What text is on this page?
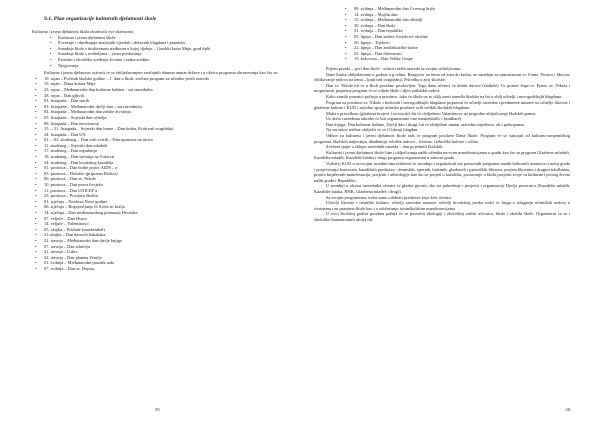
9.1. Plan organizacije kulturnih djelatnosti škole

Kulturna i javna djelatnost škola obuhvaća ove aktivnosti:

• Kulturnu i javnu djelatnost škole
• Povezuje i objedinjuje značajnih vjerskih i državnih blagdana i praznika
• Suradnja škole s društvenom sredinom u kojoj djeluje – Gradski kotar Maje, grad Split
• Suradnja škole s roditeljima – javna predavanja
• Estetsko i ekološko uređenje životne i radne sredine
• Njegovanja

Kulturna i javna djelatnost ostvarit će se obilježavanjem značajnih datuma unutar države i u okviru programa obrazovanja kao što su:

• 10. rujan – Početak školske godine – 1. dan u školi, svečani program za učenike prvih razreda
• 15. rujan – Dana kotara Maje
• 23. rujna – Međunarodni dan kulturne baštine - sat razrednika
• 28. rujna – Dan gljivih
• 01. listopada – Dan starih
• 03. listopada – Međunarodni dječji dan – sat razrednika
• 04. listopada – Međunarodni dan zaštite životinja
• 05. listopada – Svjetski dan učitelja
• 08. listopada – Dan neovisnosti
• 15. – 21. listopada – Svjetski dan hrane – Dan kruha, Kruh naš svagdašnji
• 24. listopada – Dan UN
• 01. – 02. studenog – Dan svih svetih – Dan spomena na mrtve
• 11. studenog – Svjetski dan mladeži
• 17. studenog – Dan nepušenja
• 18. studenog – Dan sjećanja na Vukovar
• 24. studenog – Dan hrvatskog kazališta
• 01. prosinca – Dan borbe protiv AIDS – a
• 05. prosinca – Došašće (priprema Božića)
• 06. prosinca – Dan sv. Nikole
• 10. prosinca – Dan prava čovjeka
• 11. prosinca – Dan UNICEF-a
• 25. prosinca – Proslava Božića
• 01. siječnja – Proslava Nove godine
• 06. siječnja – Bogojavljanje ili Sveta tri kralja
• 14. siječnja – Dan međunarodnog priznanja Hrvatske
• 07. veljače – Dan Hvara
• 14. veljače – Valentinovo
• 05. ožujka – Poklade (maskembal)
• 21.ožujka – Dan dasovih bakakaka
• 22. travnja – Međunarodni dan dječje knjige
• 07. travnja – Dan zdravlja
• 21. travnja – Uskrs
• 22. travnja – Dan planeta Zemlje
• 01. svibnja – Međunarodni praznik rada
• 07. svibnja – Dan sv. Dujma,
29
• 08. svibnja – Međunarodni dan Crvenog križa
• 14. svibnja – Majčin dan
• 15. svibnja – Međunarodni dan obitelji
• 30. svibnja – Dan škole
• 31. svibnja – Dan republike
• 05. lipnja – Dan zaštite čovjekove okoline
• 20. lipnja – Tijelovo
• 22. lipnja – Dan antifašističke borbe
• 25. lipnja – Dan državnosti
• 15. kolovoza – Dan Velike Gospe

Prijem prvaša – prvi dan škole - učenici nižih razreda sa svojim učiteljicama.

Dane kruha obilježavamo u godine u g odinu. Razgovor na temu od zrna do kruha, uz suradnju sa samostanom sv. Frane. Prostor i likovno oblikovanje radova na temu – kruh naš svagdašnji. Priredba u atrij školske.

Dan sv. Nikole bit će u školi posebno proslavljen. Toga dana učenici će dobiti darove (slatkiše). Ur pomoć župe sv. Frane, sv. Nikola i mogućnosti priprema program će se odjele škole i djeci prikalkti radost.

Kako zimski praznici počinju u prosincu, tako će škola uz to ciklj uzeti između školske na bit u zbilj učitelji i novogodišnjih blagdana.

Program za proslavu sv. Nikole i božićnih i novogodišnjih blagdana pripremit će učitelji razredne i predmetne nastave uz učitelje likovne i glazbene kulture i KUD i zajedno sprije učenika proslave svih velikih školskih blagdana.

Maloro prirodbom (glazbeni brojevi i recitacije) bit će obilježeno Valentinovo uz prigodno uključivanje školskih panoa.

Uz drive razredima također će biti organizirano ono maskenbal/o i (maškare).

Dan knjige, Dan kulturne baštine, Dječji dan i drugi, bit će obilježeni unutar razredne zajednica, ali i prekopanoa.

Na sat takov načina obilježit će se i Uskrnji blagdan.

Odhov za kulturnu i javnu djelatnost škole radi će program proslave Dana Škole. Program će se sastojati od kulturno-umjetničkog programa, školskih natjecanja, akademija, izložbe radova – likovno i tehničke kulture i slično.

Svečani sjajni u sklopu razrednih razreda – dan pojedinih školskih.

Kulturnu i javnu djelatnost škole čine i uključivanja naših učenika na svim manifestacijama u gradu kao što su program Glazbeno mladeži, Kazališta mladih, Kazalište lutaka i drugi programi organizirani u samom gradu.

Vodstvij KUD-a sa svojim suradnicima održavat će suradnju i organizirati niz pomoćnih programa raznih kulturnih ustanova u našoj grada i posjećivanju koncerata, kazališnih predstava - dramskih, opernih, baletnih, glazbenih i pjesničkih filmova, posjeta likovnim i drugim izložbama, pratiće književnih manifestacija, posjetiti i arheologije kao što su posjeti u kazalištu, postavanje u školu posjetiti svoje su kulturna i javnog života naših građa i Republike.

U suradnji u okviru razrednika učenici će glazbe pjevati, ako uz pohodenje i posjetiti i organizacije Dječja pozornica (Kazalište mladih, Kazalište lutaka, HNK, Glazbena mladež i drugi).

Sa svojim programima, treba samo odabrati predstave koje žele učenici.

Učitelji likovne i tehničke kulture, učitelji razredne nastave, učitelji hrvatskog jezika vodit će brigu o izlaganju učeničkih radova u vitrinama i na panoima škole kao i o održavanju izvanškolskim manifestacijama.

U ovoj školskoj godini posebna pažnja će se posvetiti ekologiji i ekološkoj zaštiti učionica, škole i okoliša škole. Organizirat će se i ekološko-humanitarnih akcija itd.

30
